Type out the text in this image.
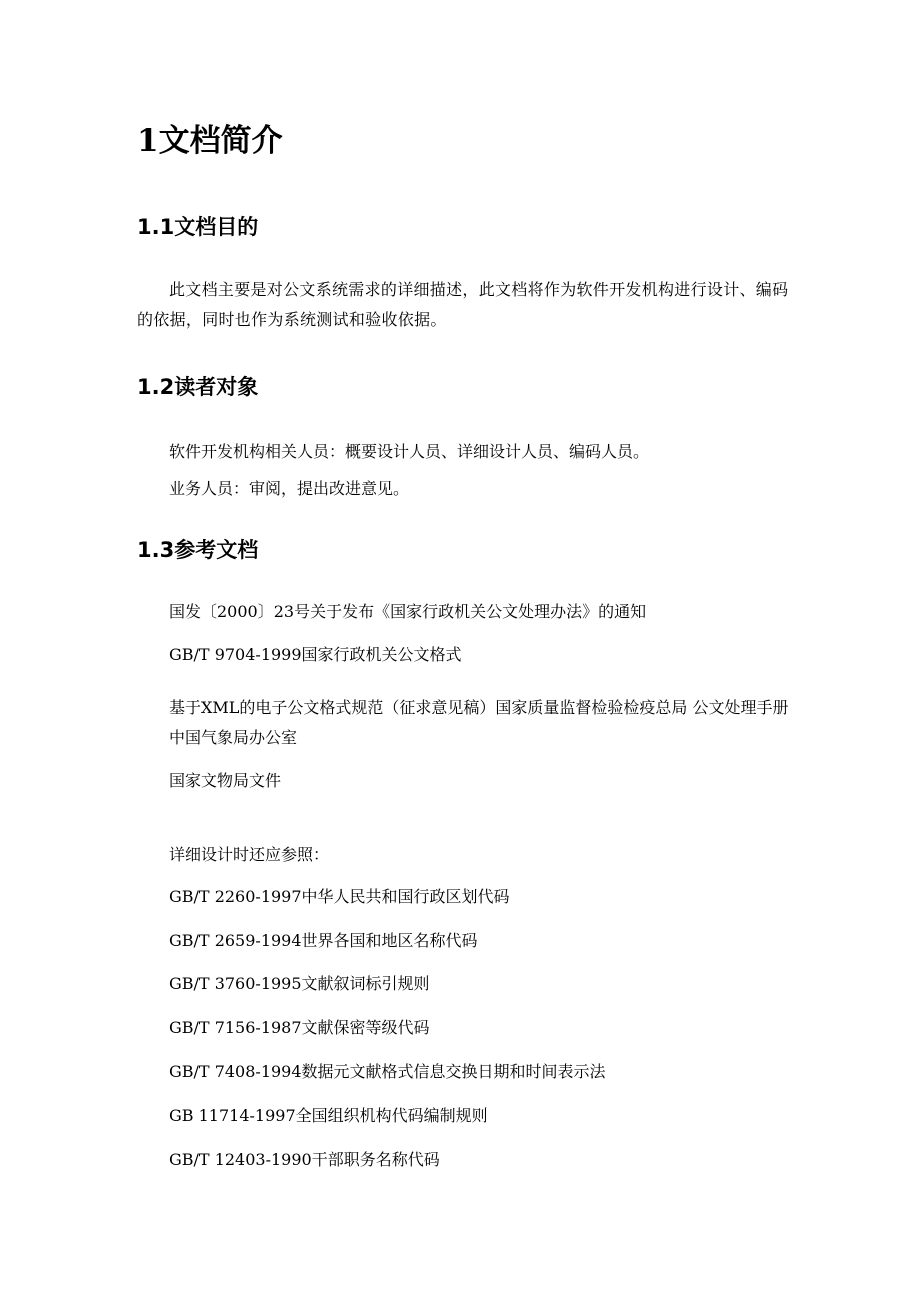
1文档简介
1.1文档目的

此文档主要是对公文系统需求的详细描述，此文档将作为软件开发机构进行设计、编码的依据，同时也作为系统测试和验收依据。

1.2读者对象

软件开发机构相关人员：概要设计人员、详细设计人员、编码人员。

业务人员：审阅，提出改进意见。

1.3参考文档

国发〔2000〕23号关于发布《国家行政机关公文处理办法》的通知

GB/T 9704-1999国家行政机关公文格式

基于XML的电子公文格式规范（征求意见稿）国家质量监督检验检疫总局 公文处理手册中国气象局办公室

国家文物局文件

详细设计时还应参照：

GB/T 2260-1997中华人民共和国行政区划代码

GB/T 2659-1994世界各国和地区名称代码

GB/T 3760-1995文献叙词标引规则

GB/T 7156-1987文献保密等级代码

GB/T 7408-1994数据元文献格式信息交换日期和时间表示法

GB 11714-1997全国组织机构代码编制规则

GB/T 12403-1990干部职务名称代码
